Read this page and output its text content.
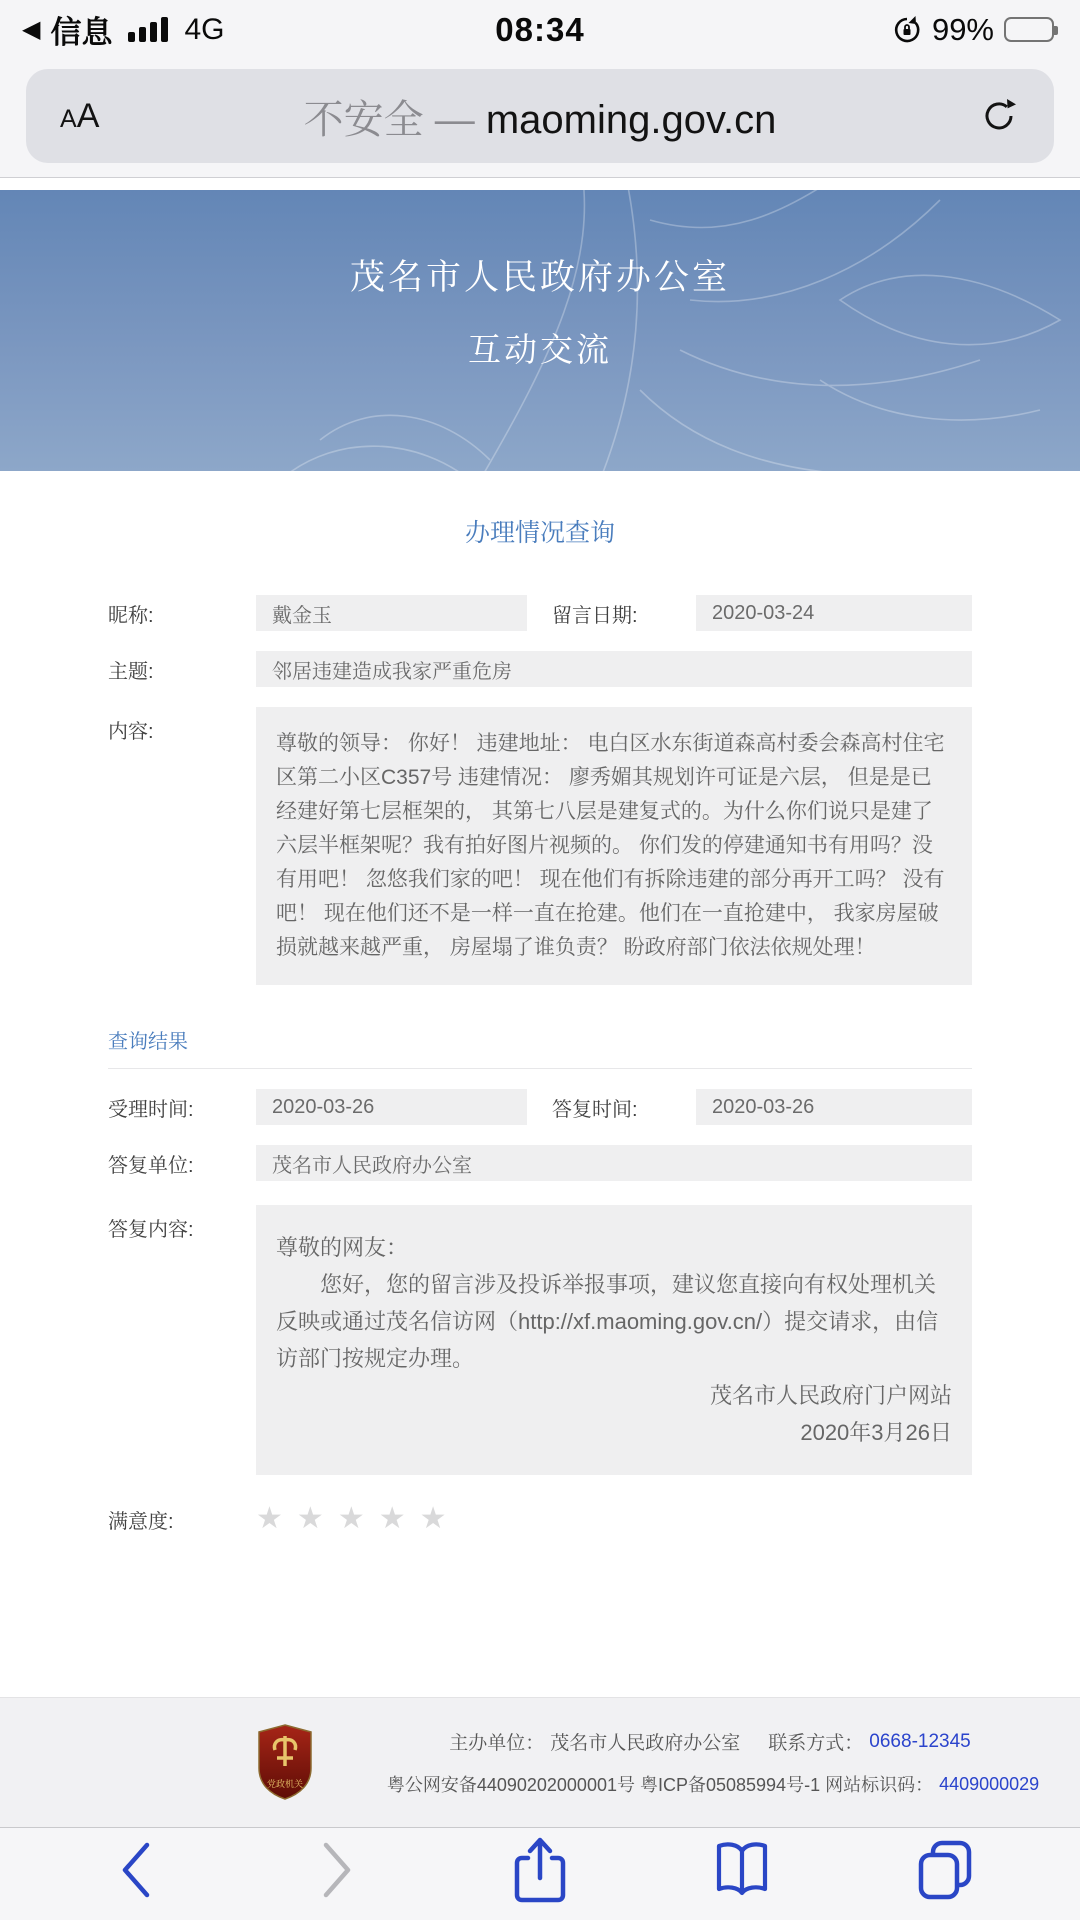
◀ 信息 4G	08:34	99%
AA	不安全 — maoming.gov.cn
茂名市人民政府办公室
互动交流
办理情况查询
昵称:	戴金玉	留言日期:	2020-03-24
主题:	邻居违建造成我家严重危房
内容:	尊敬的领导： 你好！ 违建地址： 电白区水东街道森高村委会森高村住宅区第二小区C357号 违建情况： 廖秀媚其规划许可证是六层， 但是是已经建好第七层框架的， 其第七八层是建复式的。为什么你们说只是建了六层半框架呢？我有拍好图片视频的。 你们发的停建通知书有用吗？没有用吧！ 忽悠我们家的吧！ 现在他们有拆除违建的部分再开工吗？ 没有吧！ 现在他们还不是一样一直在抢建。他们在一直抢建中， 我家房屋破损就越来越严重， 房屋塌了谁负责？ 盼政府部门依法依规处理！
查询结果
受理时间:	2020-03-26	答复时间:	2020-03-26
答复单位:	茂名市人民政府办公室
答复内容:
尊敬的网友：
您好，您的留言涉及投诉举报事项，建议您直接向有权处理机关反映或通过茂名信访网（http://xf.maoming.gov.cn/）提交请求，由信访部门按规定办理。
茂名市人民政府门户网站
2020年3月26日
满意度:	★ ★ ★ ★ ★
党政机关
主办单位： 茂名市人民政府办公室 联系方式： 0668-12345
粤公网安备44090202000001号 粤ICP备05085994号-1 网站标识码： 4409000029
